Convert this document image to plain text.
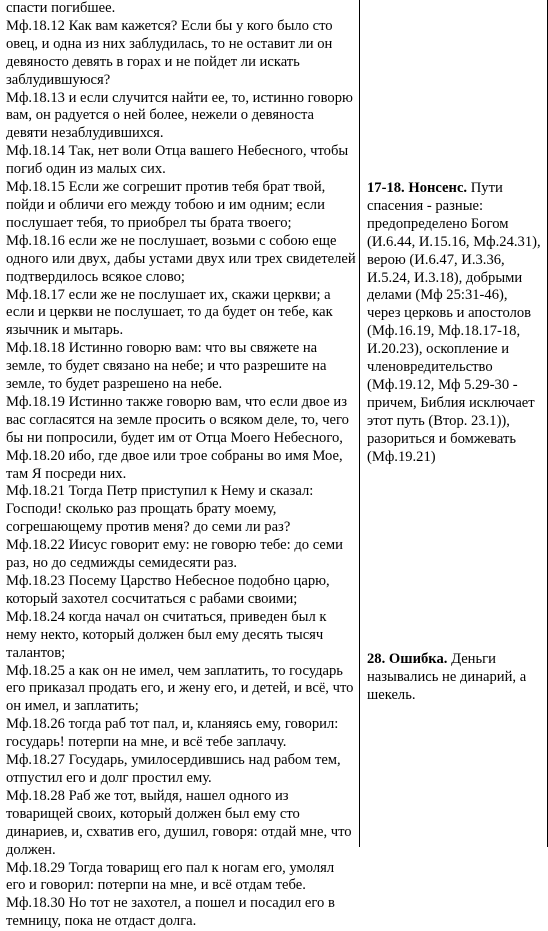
спасти погибшее.

Мф.18.12 Как вам кажется? Если бы у кого было сто овец, и одна из них заблудилась, то не оставит ли он девяносто девять в горах и не пойдет ли искать заблудившуюся?

Мф.18.13 и если случится найти ее, то, истинно говорю вам, он радуется о ней более, нежели о девяноста девяти незаблудившихся.

Мф.18.14 Так, нет воли Отца вашего Небесного, чтобы погиб один из малых сих.

Мф.18.15 Если же согрешит против тебя брат твой, пойди и обличи его между тобою и им одним; если послушает тебя, то приобрел ты брата твоего;

Мф.18.16 если же не послушает, возьми с собою еще одного или двух, дабы устами двух или трех свидетелей подтвердилось всякое слово;

Мф.18.17 если же не послушает их, скажи церкви; а если и церкви не послушает, то да будет он тебе, как язычник и мытарь.

Мф.18.18 Истинно говорю вам: что вы свяжете на земле, то будет связано на небе; и что разрешите на земле, то будет разрешено на небе.

Мф.18.19 Истинно также говорю вам, что если двое из вас согласятся на земле просить о всяком деле, то, чего бы ни попросили, будет им от Отца Моего Небесного,

Мф.18.20 ибо, где двое или трое собраны во имя Мое, там Я посреди них.

Мф.18.21 Тогда Петр приступил к Нему и сказал: Господи! сколько раз прощать брату моему, согрешающему против меня? до семи ли раз?

Мф.18.22 Иисус говорит ему: не говорю тебе: до семи раз, но до седмижды семидесяти раз.

Мф.18.23 Посему Царство Небесное подобно царю, который захотел сосчитаться с рабами своими;

Мф.18.24 когда начал он считаться, приведен был к нему некто, который должен был ему десять тысяч талантов;

Мф.18.25 а как он не имел, чем заплатить, то государь его приказал продать его, и жену его, и детей, и всё, что он имел, и заплатить;

Мф.18.26 тогда раб тот пал, и, кланяясь ему, говорил: государь! потерпи на мне, и всё тебе заплачу.

Мф.18.27 Государь, умилосердившись над рабом тем, отпустил его и долг простил ему.

Мф.18.28 Раб же тот, выйдя, нашел одного из товарищей своих, который должен был ему сто динариев, и, схватив его, душил, говоря: отдай мне, что должен.

Мф.18.29 Тогда товарищ его пал к ногам его, умолял его и говорил: потерпи на мне, и всё отдам тебе.

Мф.18.30 Но тот не захотел, а пошел и посадил его в темницу, пока не отдаст долга.

17-18. Нонсенс. Пути спасения - разные: предопределено Богом (И.6.44, И.15.16, Мф.24.31), верою (И.6.47, И.3.36, И.5.24, И.3.18), добрыми делами (Мф 25:31-46), через церковь и апостолов (Мф.16.19, Мф.18.17-18, И.20.23), оскопление и членовредительство (Мф.19.12, Мф 5.29-30 - причем, Библия исключает этот путь (Втор. 23.1)), разориться и бомжевать (Мф.19.21)

28. Ошибка. Деньги назывались не динарий, а шекель.
